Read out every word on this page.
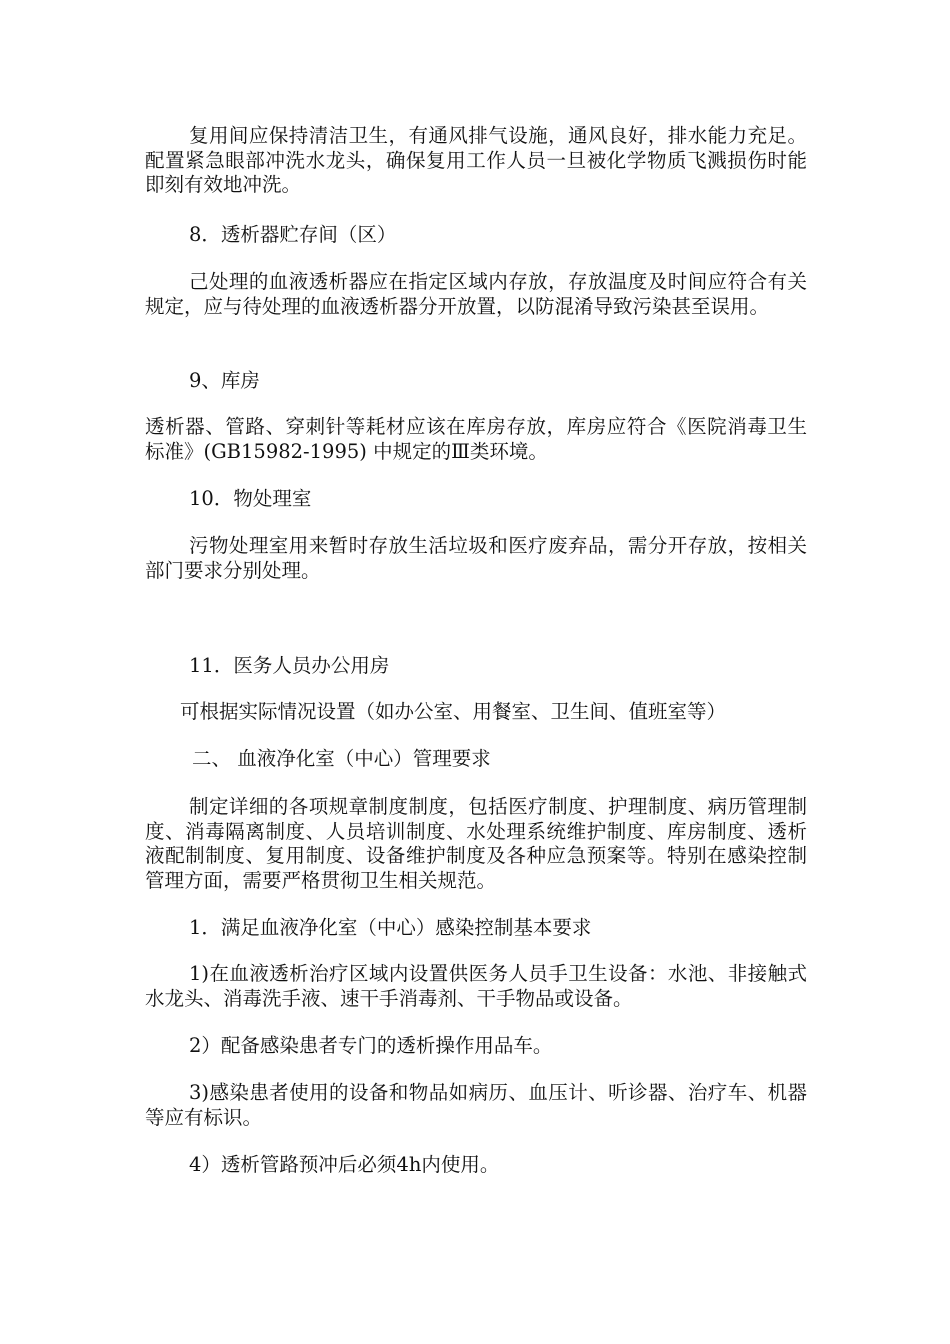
复用间应保持清洁卫生，有通风排气设施，通风良好，排水能力充足。配置紧急眼部冲洗水龙头，确保复用工作人员一旦被化学物质飞溅损伤时能即刻有效地冲洗。

8．透析器贮存间（区）

己处理的血液透析器应在指定区域内存放，存放温度及时间应符合有关规定，应与待处理的血液透析器分开放置，以防混淆导致污染甚至误用。

9、库房

透析器、管路、穿刺针等耗材应该在库房存放，库房应符合《医院消毒卫生标准》(GB15982-1995) 中规定的Ⅲ类环境。

10．物处理室

污物处理室用来暂时存放生活垃圾和医疗废弃品，需分开存放，按相关部门要求分别处理。

11．医务人员办公用房

可根据实际情况设置（如办公室、用餐室、卫生间、值班室等）

二、 血液净化室（中心）管理要求

制定详细的各项规章制度制度，包括医疗制度、护理制度、病历管理制度、消毒隔离制度、人员培训制度、水处理系统维护制度、库房制度、透析液配制制度、复用制度、设备维护制度及各种应急预案等。特别在感染控制管理方面，需要严格贯彻卫生相关规范。

1．满足血液净化室（中心）感染控制基本要求

1)在血液透析治疗区域内设置供医务人员手卫生设备：水池、非接触式水龙头、消毒洗手液、速干手消毒剂、干手物品或设备。

2）配备感染患者专门的透析操作用品车。

3)感染患者使用的设备和物品如病历、血压计、听诊器、治疗车、机器等应有标识。

4）透析管路预冲后必须4h内使用。
